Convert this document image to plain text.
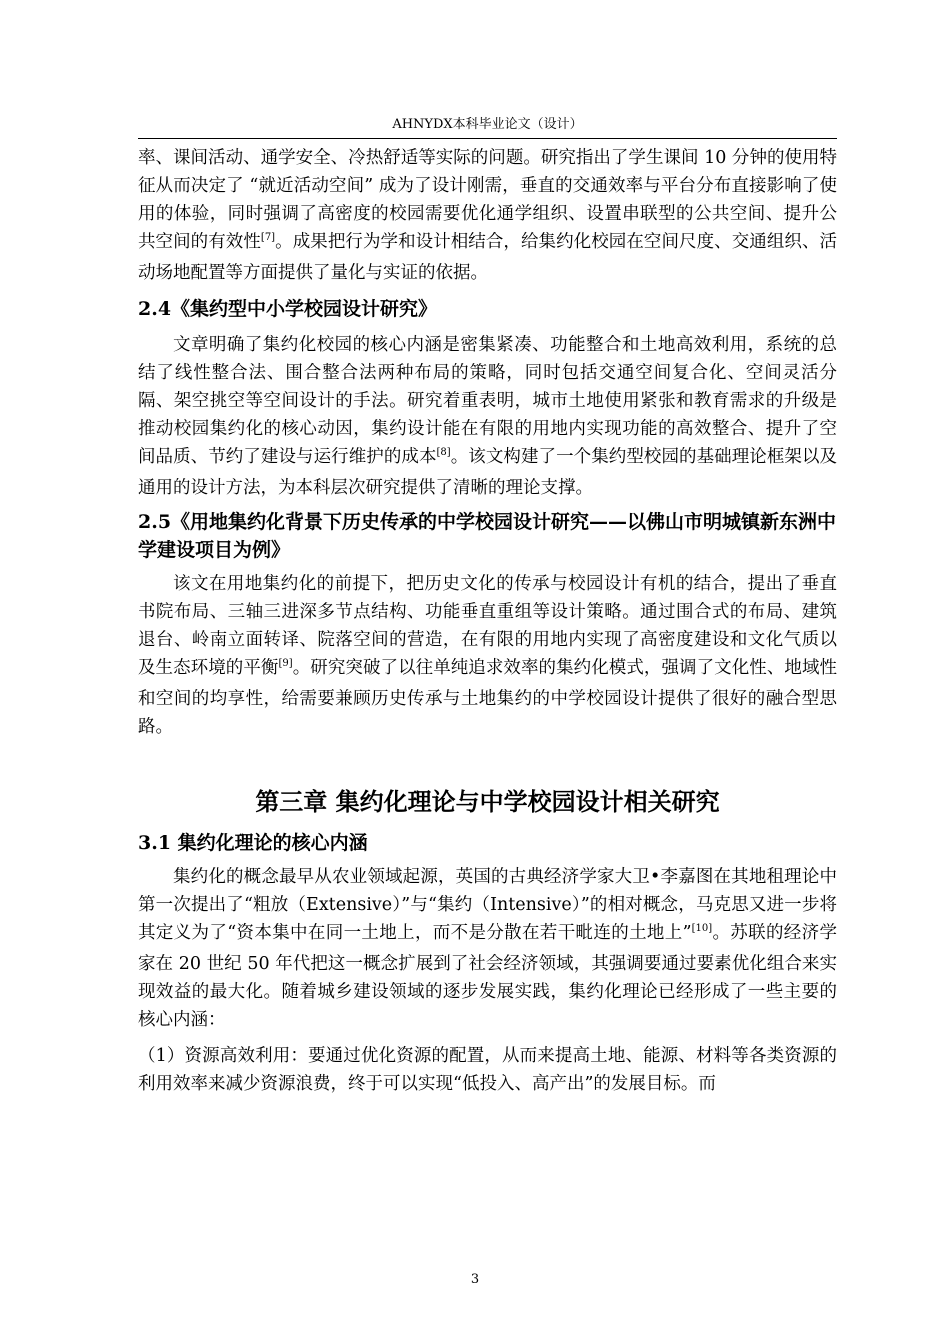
AHNYDX本科毕业论文（设计）

率、课间活动、通学安全、冷热舒适等实际的问题。研究指出了学生课间 10 分钟的使用特征从而决定了 “就近活动空间” 成为了设计刚需，垂直的交通效率与平台分布直接影响了使用的体验，同时强调了高密度的校园需要优化通学组织、设置串联型的公共空间、提升公共空间的有效性[7]。成果把行为学和设计相结合，给集约化校园在空间尺度、交通组织、活动场地配置等方面提供了量化与实证的依据。

2.4《集约型中小学校园设计研究》

文章明确了集约化校园的核心内涵是密集紧凑、功能整合和土地高效利用，系统的总结了线性整合法、围合整合法两种布局的策略，同时包括交通空间复合化、空间灵活分隔、架空挑空等空间设计的手法。研究着重表明，城市土地使用紧张和教育需求的升级是推动校园集约化的核心动因，集约设计能在有限的用地内实现功能的高效整合、提升了空间品质、节约了建设与运行维护的成本[8]。该文构建了一个集约型校园的基础理论框架以及通用的设计方法，为本科层次研究提供了清晰的理论支撑。

2.5《用地集约化背景下历史传承的中学校园设计研究——以佛山市明城镇新东洲中学建设项目为例》

该文在用地集约化的前提下，把历史文化的传承与校园设计有机的结合，提出了垂直书院布局、三轴三进深多节点结构、功能垂直重组等设计策略。通过围合式的布局、建筑退台、岭南立面转译、院落空间的营造，在有限的用地内实现了高密度建设和文化气质以及生态环境的平衡[9]。研究突破了以往单纯追求效率的集约化模式，强调了文化性、地域性和空间的均享性，给需要兼顾历史传承与土地集约的中学校园设计提供了很好的融合型思路。

第三章 集约化理论与中学校园设计相关研究
3.1 集约化理论的核心内涵

集约化的概念最早从农业领域起源，英国的古典经济学家大卫•李嘉图在其地租理论中第一次提出了“粗放（Extensive）”与“集约（Intensive）”的相对概念，马克思又进一步将其定义为了“资本集中在同一土地上，而不是分散在若干毗连的土地上”[10]。苏联的经济学家在 20 世纪 50 年代把这一概念扩展到了社会经济领域，其强调要通过要素优化组合来实现效益的最大化。随着城乡建设领域的逐步发展实践，集约化理论已经形成了一些主要的核心内涵：

（1）资源高效利用：要通过优化资源的配置，从而来提高土地、能源、材料等各类资源的利用效率来减少资源浪费，终于可以实现“低投入、高产出”的发展目标。而

3
